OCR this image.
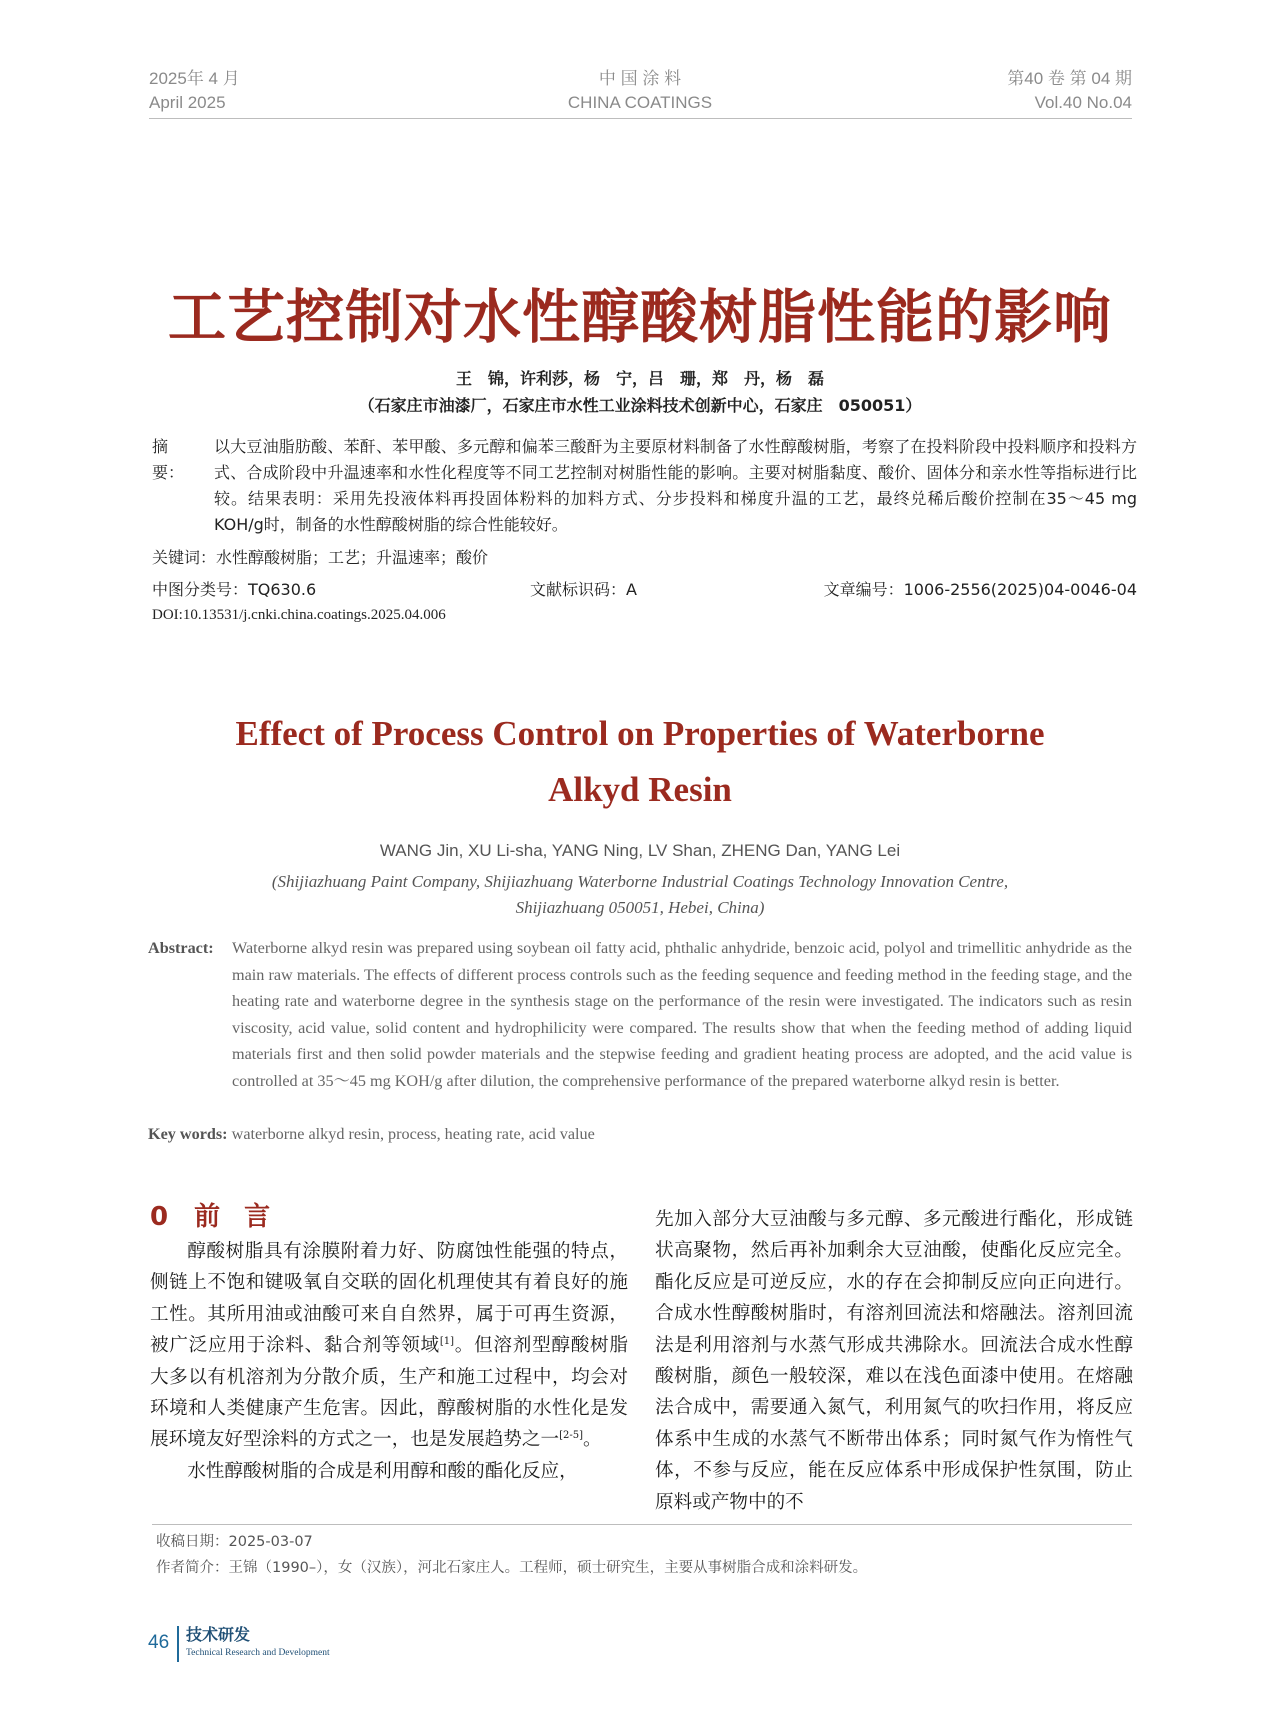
2025年 4 月
April 2025
中 国 涂 料
CHINA COATINGS
第40 卷 第 04 期
Vol.40 No.04
工艺控制对水性醇酸树脂性能的影响
王　锦，许利莎，杨　宁，吕　珊，郑　丹，杨　磊
（石家庄市油漆厂，石家庄市水性工业涂料技术创新中心，石家庄　050051）
摘　要：
以大豆油脂肪酸、苯酐、苯甲酸、多元醇和偏苯三酸酐为主要原材料制备了水性醇酸树脂，考察了在投料阶段中投料顺序和投料方式、合成阶段中升温速率和水性化程度等不同工艺控制对树脂性能的影响。主要对树脂黏度、酸价、固体分和亲水性等指标进行比较。结果表明：采用先投液体料再投固体粉料的加料方式、分步投料和梯度升温的工艺，最终兑稀后酸价控制在35～45 mg KOH/g时，制备的水性醇酸树脂的综合性能较好。
关键词：水性醇酸树脂；工艺；升温速率；酸价
中图分类号：TQ630.6	文献标识码：A	文章编号：1006-2556(2025)04-0046-04
DOI:10.13531/j.cnki.china.coatings.2025.04.006
Effect of Process Control on Properties of Waterborne
Alkyd Resin
WANG Jin, XU Li-sha, YANG Ning, LV Shan, ZHENG Dan, YANG Lei
(Shijiazhuang Paint Company, Shijiazhuang Waterborne Industrial Coatings Technology Innovation Centre,
Shijiazhuang 050051, Hebei, China)
Abstract: Waterborne alkyd resin was prepared using soybean oil fatty acid, phthalic anhydride, benzoic acid, polyol and trimellitic anhydride as the main raw materials. The effects of different process controls such as the feeding sequence and feeding method in the feeding stage, and the heating rate and waterborne degree in the synthesis stage on the performance of the resin were investigated. The indicators such as resin viscosity, acid value, solid content and hydrophilicity were compared. The results show that when the feeding method of adding liquid materials first and then solid powder materials and the stepwise feeding and gradient heating process are adopted, and the acid value is controlled at 35～45 mg KOH/g after dilution, the comprehensive performance of the prepared waterborne alkyd resin is better.
Key words: waterborne alkyd resin, process, heating rate, acid value
0 前 言

醇酸树脂具有涂膜附着力好、防腐蚀性能强的特点，侧链上不饱和键吸氧自交联的固化机理使其有着良好的施工性。其所用油或油酸可来自自然界，属于可再生资源，被广泛应用于涂料、黏合剂等领域[1]。但溶剂型醇酸树脂大多以有机溶剂为分散介质，生产和施工过程中，均会对环境和人类健康产生危害。因此，醇酸树脂的水性化是发展环境友好型涂料的方式之一，也是发展趋势之一[2-5]。

水性醇酸树脂的合成是利用醇和酸的酯化反应，

先加入部分大豆油酸与多元醇、多元酸进行酯化，形成链状高聚物，然后再补加剩余大豆油酸，使酯化反应完全。酯化反应是可逆反应，水的存在会抑制反应向正向进行。合成水性醇酸树脂时，有溶剂回流法和熔融法。溶剂回流法是利用溶剂与水蒸气形成共沸除水。回流法合成水性醇酸树脂，颜色一般较深，难以在浅色面漆中使用。在熔融法合成中，需要通入氮气，利用氮气的吹扫作用，将反应体系中生成的水蒸气不断带出体系；同时氮气作为惰性气体，不参与反应，能在反应体系中形成保护性氛围，防止原料或产物中的不

收稿日期：2025-03-07
作者简介：王锦（1990–），女（汉族），河北石家庄人。工程师，硕士研究生，主要从事树脂合成和涂料研发。
46 技术研发
Technical Research and Development
